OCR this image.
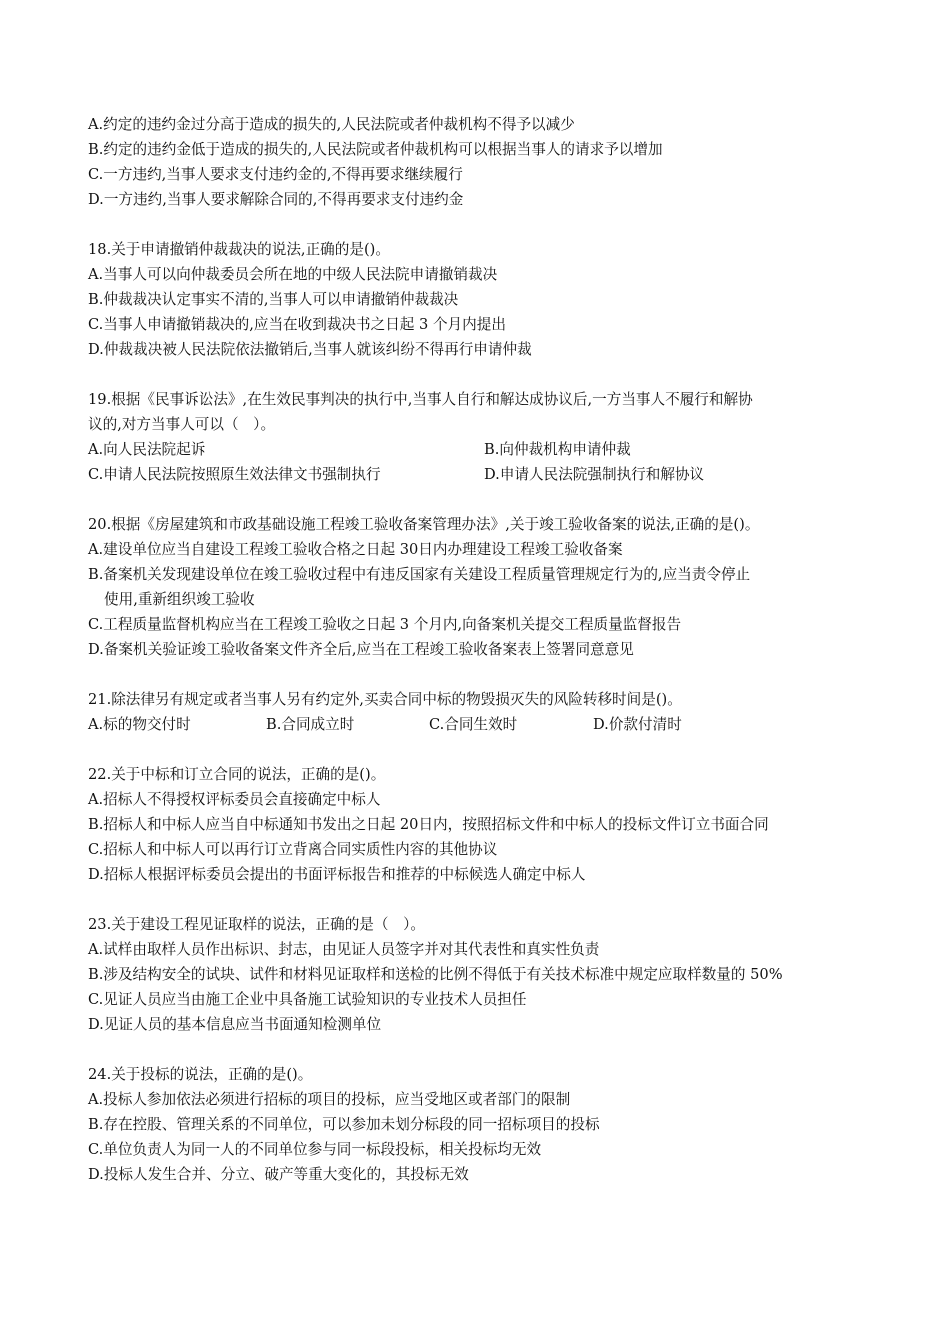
A.约定的违约金过分高于造成的损失的,人民法院或者仲裁机构不得予以减少
B.约定的违约金低于造成的损失的,人民法院或者仲裁机构可以根据当事人的请求予以增加
C.一方违约,当事人要求支付违约金的,不得再要求继续履行
D.一方违约,当事人要求解除合同的,不得再要求支付违约金
18.关于申请撤销仲裁裁决的说法,正确的是()。
A.当事人可以向仲裁委员会所在地的中级人民法院申请撤销裁决
B.仲裁裁决认定事实不清的,当事人可以申请撤销仲裁裁决
C.当事人申请撤销裁决的,应当在收到裁决书之日起 3 个月内提出
D.仲裁裁决被人民法院依法撤销后,当事人就该纠纷不得再行申请仲裁
19.根据《民事诉讼法》,在生效民事判决的执行中,当事人自行和解达成协议后,一方当事人不履行和解协
议的,对方当事人可以（　）。
A.向人民法院起诉	B.向仲裁机构申请仲裁
C.申请人民法院按照原生效法律文书强制执行	D.申请人民法院强制执行和解协议
20.根据《房屋建筑和市政基础设施工程竣工验收备案管理办法》,关于竣工验收备案的说法,正确的是()。
A.建设单位应当自建设工程竣工验收合格之日起 30日内办理建设工程竣工验收备案
B.备案机关发现建设单位在竣工验收过程中有违反国家有关建设工程质量管理规定行为的,应当责令停止
使用,重新组织竣工验收
C.工程质量监督机构应当在工程竣工验收之日起 3 个月内,向备案机关提交工程质量监督报告
D.备案机关验证竣工验收备案文件齐全后,应当在工程竣工验收备案表上签署同意意见
21.除法律另有规定或者当事人另有约定外,买卖合同中标的物毁损灭失的风险转移时间是()。
A.标的物交付时	B.合同成立时	C.合同生效时	D.价款付清时
22.关于中标和订立合同的说法，正确的是()。
A.招标人不得授权评标委员会直接确定中标人
B.招标人和中标人应当自中标通知书发出之日起 20日内，按照招标文件和中标人的投标文件订立书面合同
C.招标人和中标人可以再行订立背离合同实质性内容的其他协议
D.招标人根据评标委员会提出的书面评标报告和推荐的中标候选人确定中标人
23.关于建设工程见证取样的说法，正确的是（　）。
A.试样由取样人员作出标识、封志，由见证人员签字并对其代表性和真实性负责
B.涉及结构安全的试块、试件和材料见证取样和送检的比例不得低于有关技术标准中规定应取样数量的 50%
C.见证人员应当由施工企业中具备施工试验知识的专业技术人员担任
D.见证人员的基本信息应当书面通知检测单位
24.关于投标的说法，正确的是()。
A.投标人参加依法必须进行招标的项目的投标，应当受地区或者部门的限制
B.存在控股、管理关系的不同单位，可以参加未划分标段的同一招标项目的投标
C.单位负责人为同一人的不同单位参与同一标段投标，相关投标均无效
D.投标人发生合并、分立、破产等重大变化的，其投标无效
